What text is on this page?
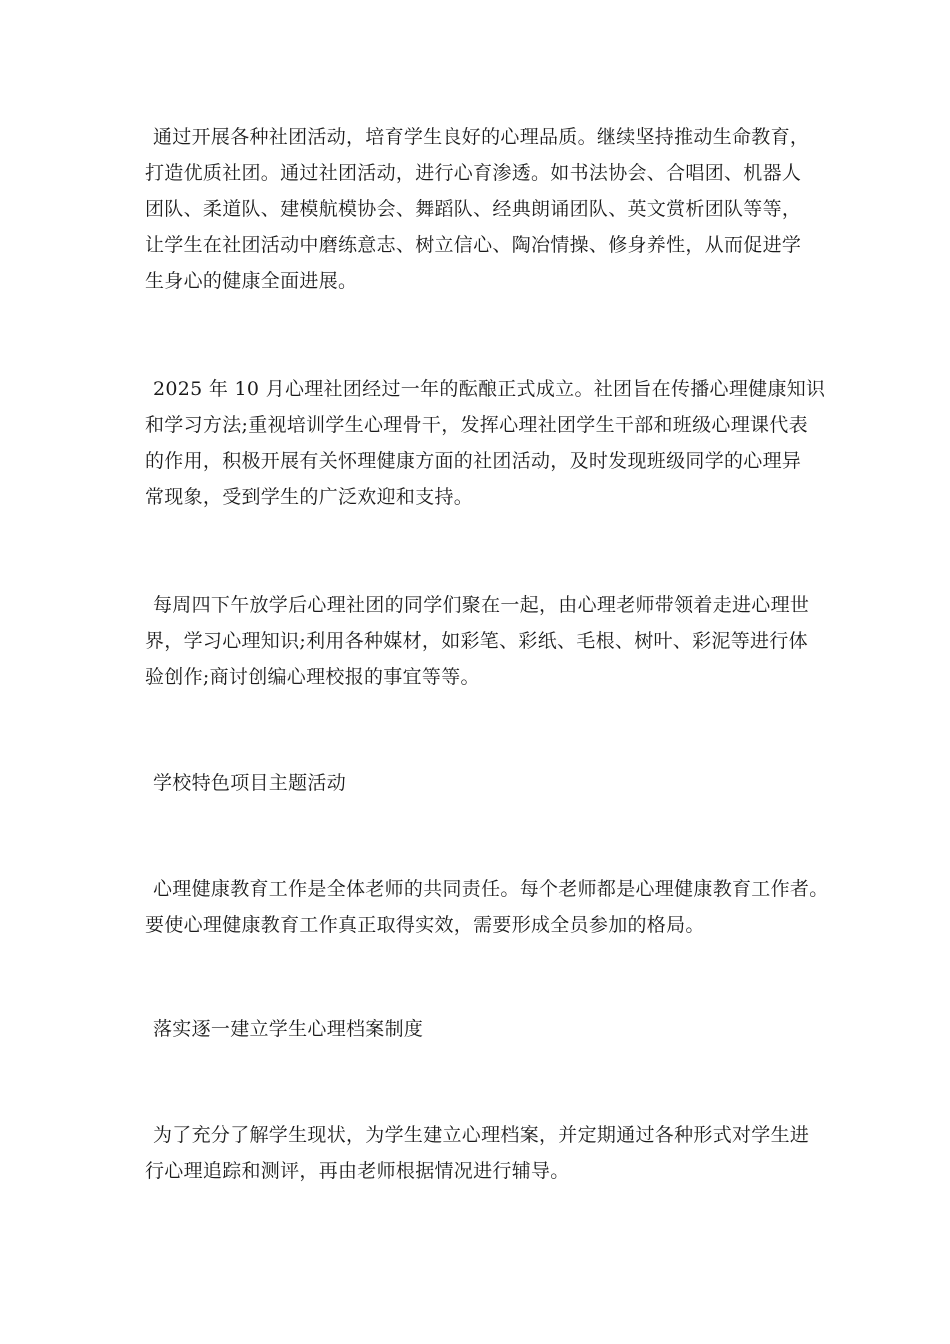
通过开展各种社团活动，培育学生良好的心理品质。继续坚持推动生命教育，
打造优质社团。通过社团活动，进行心育渗透。如书法协会、合唱团、机器人
团队、柔道队、建模航模协会、舞蹈队、经典朗诵团队、英文赏析团队等等，
让学生在社团活动中磨练意志、树立信心、陶冶情操、修身养性，从而促进学
生身心的健康全面进展。
2025 年 10 月心理社团经过一年的酝酿正式成立。社团旨在传播心理健康知识
和学习方法;重视培训学生心理骨干，发挥心理社团学生干部和班级心理课代表
的作用，积极开展有关怀理健康方面的社团活动，及时发现班级同学的心理异
常现象，受到学生的广泛欢迎和支持。
每周四下午放学后心理社团的同学们聚在一起，由心理老师带领着走进心理世
界，学习心理知识;利用各种媒材，如彩笔、彩纸、毛根、树叶、彩泥等进行体
验创作;商讨创编心理校报的事宜等等。
学校特色项目主题活动
心理健康教育工作是全体老师的共同责任。每个老师都是心理健康教育工作者。
要使心理健康教育工作真正取得实效，需要形成全员参加的格局。
落实逐一建立学生心理档案制度
为了充分了解学生现状，为学生建立心理档案，并定期通过各种形式对学生进
行心理追踪和测评，再由老师根据情况进行辅导。
